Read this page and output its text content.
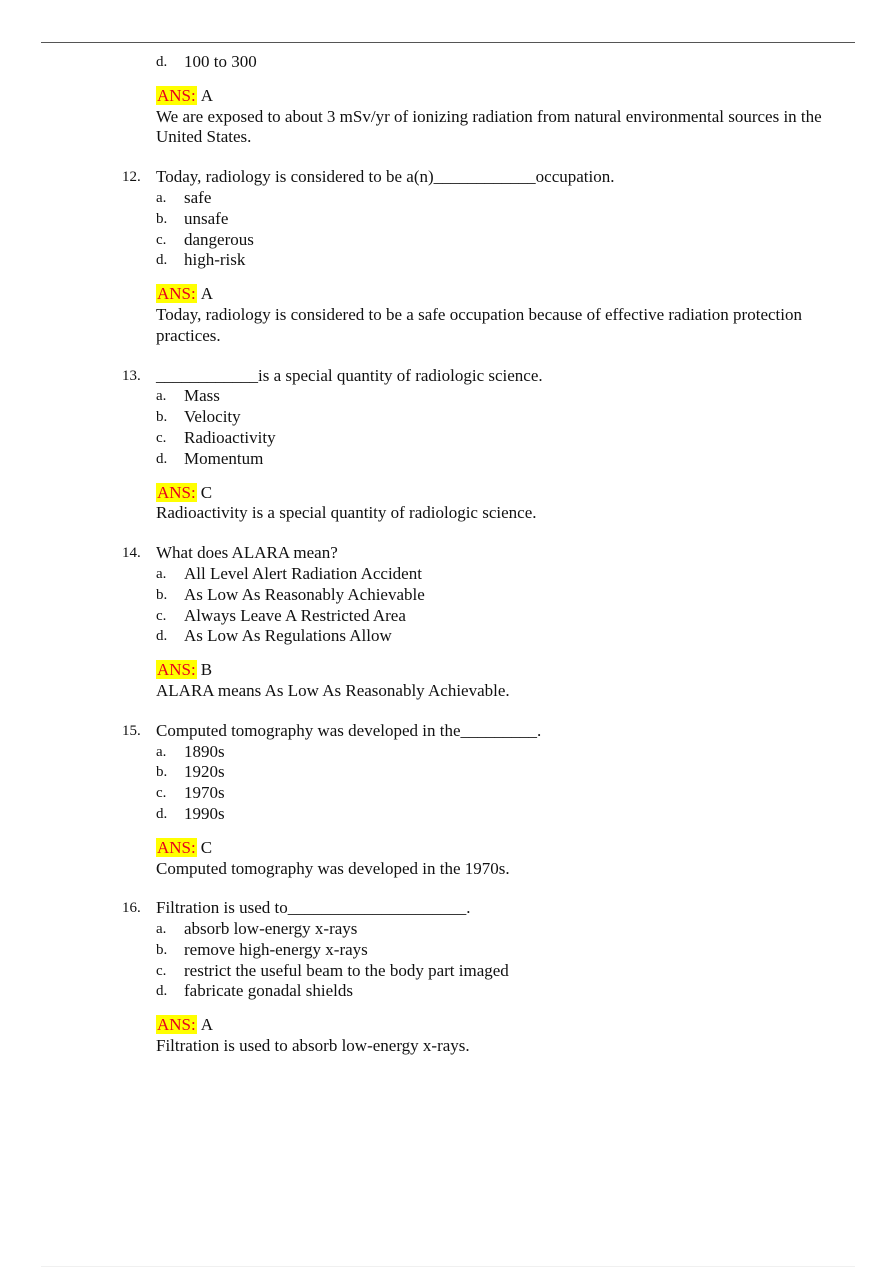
d. 100 to 300
ANS: A
We are exposed to about 3 mSv/yr of ionizing radiation from natural environmental sources in the United States.
12. Today, radiology is considered to be a(n)____________occupation.
a. safe
b. unsafe
c. dangerous
d. high-risk
ANS: A
Today, radiology is considered to be a safe occupation because of effective radiation protection practices.
13. ____________is a special quantity of radiologic science.
a. Mass
b. Velocity
c. Radioactivity
d. Momentum
ANS: C
Radioactivity is a special quantity of radiologic science.
14. What does ALARA mean?
a. All Level Alert Radiation Accident
b. As Low As Reasonably Achievable
c. Always Leave A Restricted Area
d. As Low As Regulations Allow
ANS: B
ALARA means As Low As Reasonably Achievable.
15. Computed tomography was developed in the_________.
a. 1890s
b. 1920s
c. 1970s
d. 1990s
ANS: C
Computed tomography was developed in the 1970s.
16. Filtration is used to_____________________.
a. absorb low-energy x-rays
b. remove high-energy x-rays
c. restrict the useful beam to the body part imaged
d. fabricate gonadal shields
ANS: A
Filtration is used to absorb low-energy x-rays.
